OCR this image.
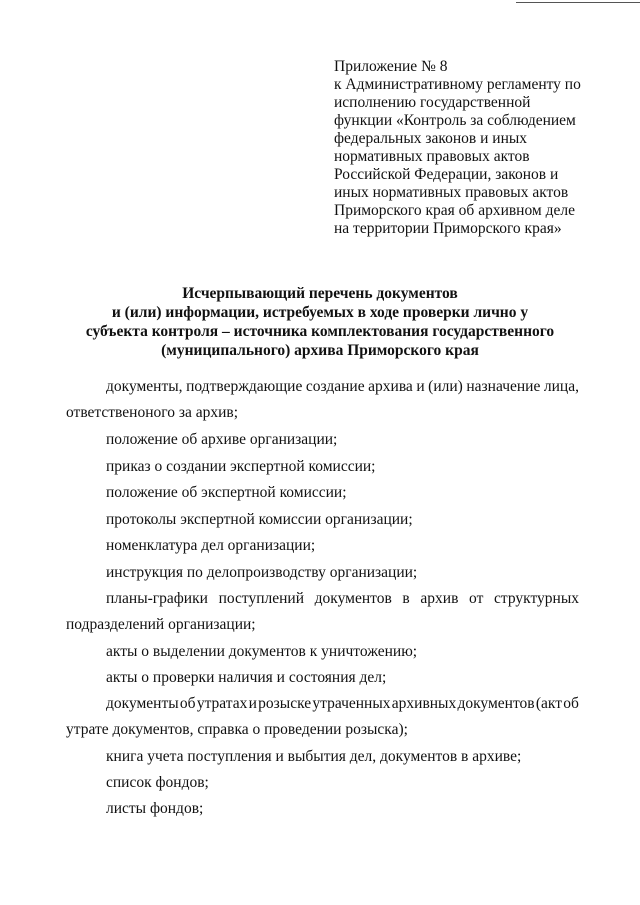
Приложение № 8
к Административному регламенту по
исполнению государственной
функции «Контроль за соблюдением
федеральных законов и иных
нормативных правовых актов
Российской Федерации, законов и
иных нормативных правовых актов
Приморского края об архивном деле
на территории Приморского края»
Исчерпывающий перечень документов
и (или) информации, истребуемых в ходе проверки лично у
субъекта контроля – источника комплектования государственного
(муниципального) архива Приморского края
документы, подтверждающие создание архива и (или) назначение лица,
ответственоного за архив;
положение об архиве организации;
приказ о создании экспертной комиссии;
положение об экспертной комиссии;
протоколы экспертной комиссии организации;
номенклатура дел организации;
инструкция по делопроизводству организации;
планы-графики поступлений документов в архив от структурных
подразделений организации;
акты о выделении документов к уничтожению;
акты о проверки наличия и состояния дел;
документы об утратах и розыске утраченных архивных документов (акт об
утрате документов, справка о проведении розыска);
книга учета поступления и выбытия дел, документов в архиве;
список фондов;
листы фондов;
